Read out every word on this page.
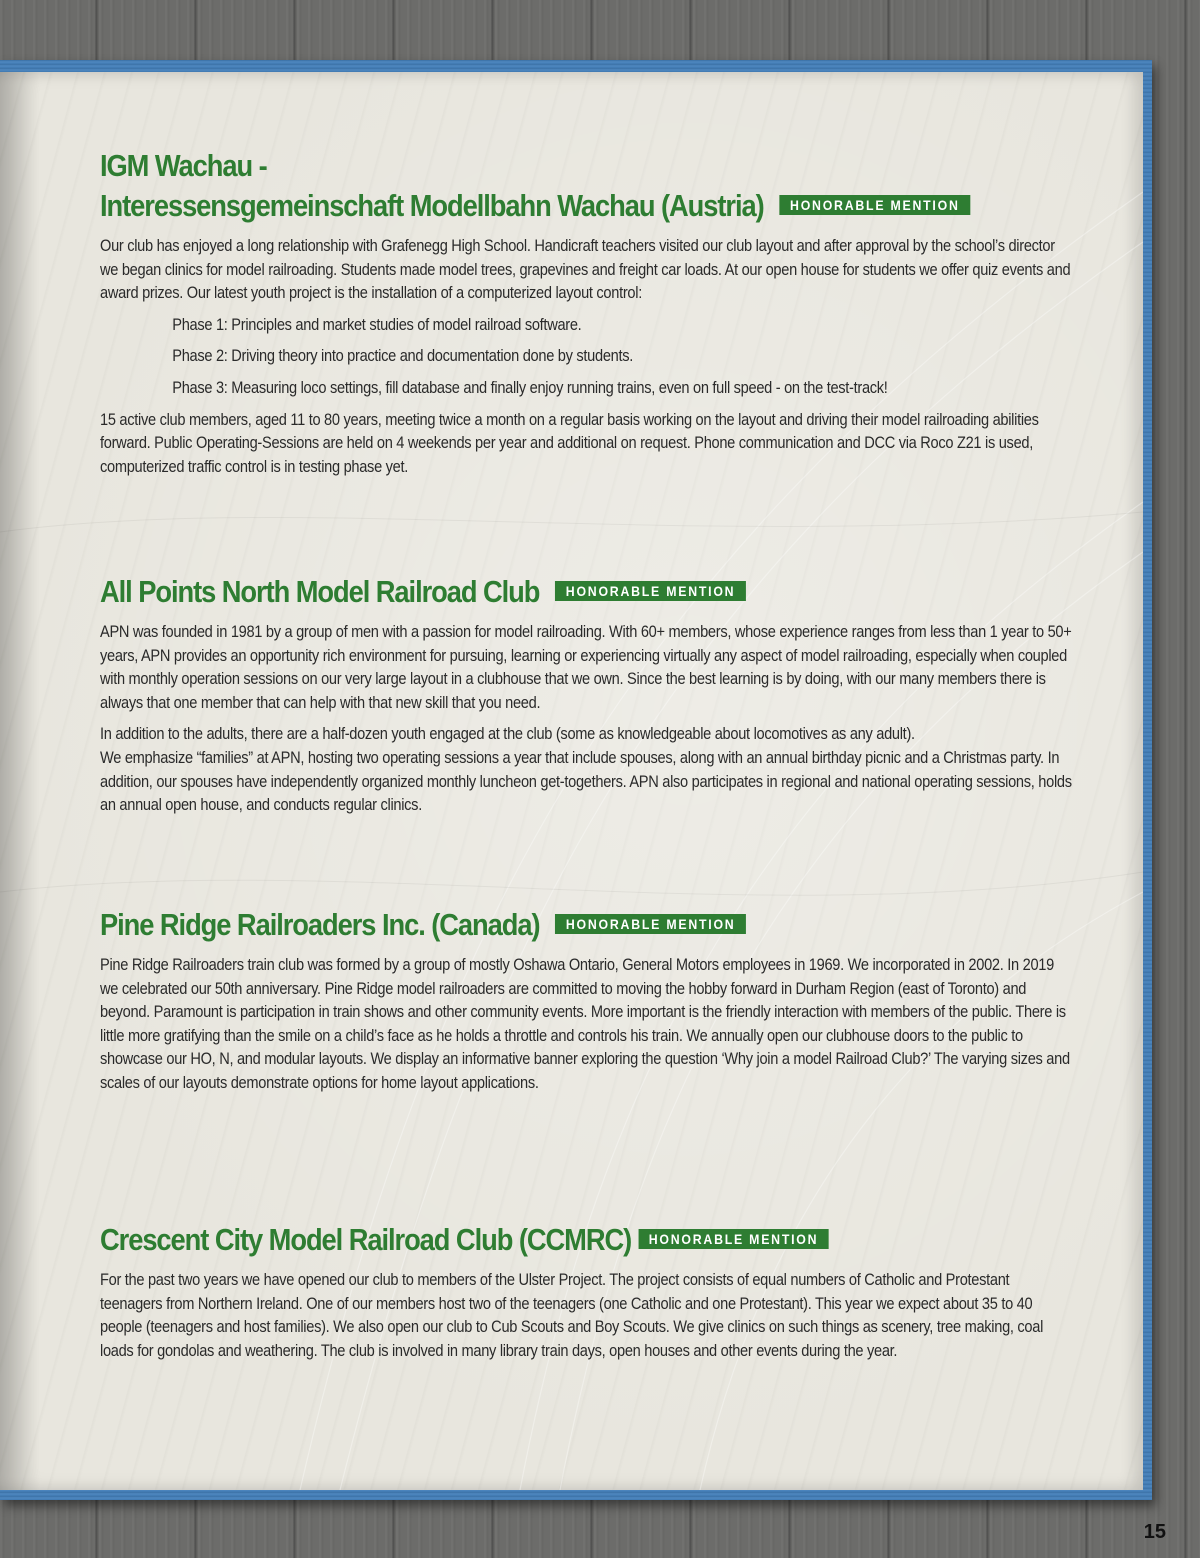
IGM Wachau -
Interessensgemeinschaft Modellbahn Wachau (Austria) HONORABLE MENTION

Our club has enjoyed a long relationship with Grafenegg High School. Handicraft teachers visited our club layout and after approval by the school’s director we began clinics for model railroading. Students made model trees, grapevines and freight car loads. At our open house for students we offer quiz events and award prizes. Our latest youth project is the installation of a computerized layout control:

Phase 1: Principles and market studies of model railroad software.

Phase 2: Driving theory into practice and documentation done by students.

Phase 3: Measuring loco settings, fill database and finally enjoy running trains, even on full speed - on the test-track!

15 active club members, aged 11 to 80 years, meeting twice a month on a regular basis working on the layout and driving their model railroading abilities forward. Public Operating-Sessions are held on 4 weekends per year and additional on request. Phone communication and DCC via Roco Z21 is used, computerized traffic control is in testing phase yet.

All Points North Model Railroad Club HONORABLE MENTION

APN was founded in 1981 by a group of men with a passion for model railroading. With 60+ members, whose experience ranges from less than 1 year to 50+ years, APN provides an opportunity rich environment for pursuing, learning or experiencing virtually any aspect of model railroading, especially when coupled with monthly operation sessions on our very large layout in a clubhouse that we own. Since the best learning is by doing, with our many members there is always that one member that can help with that new skill that you need.

In addition to the adults, there are a half-dozen youth engaged at the club (some as knowledgeable about locomotives as any adult).

We emphasize “families” at APN, hosting two operating sessions a year that include spouses, along with an annual birthday picnic and a Christmas party. In addition, our spouses have independently organized monthly luncheon get-togethers. APN also participates in regional and national operating sessions, holds an annual open house, and conducts regular clinics.

Pine Ridge Railroaders Inc. (Canada) HONORABLE MENTION

Pine Ridge Railroaders train club was formed by a group of mostly Oshawa Ontario, General Motors employees in 1969. We incorporated in 2002. In 2019 we celebrated our 50th anniversary. Pine Ridge model railroaders are committed to moving the hobby forward in Durham Region (east of Toronto) and beyond. Paramount is participation in train shows and other community events. More important is the friendly interaction with members of the public. There is little more gratifying than the smile on a child’s face as he holds a throttle and controls his train. We annually open our clubhouse doors to the public to showcase our HO, N, and modular layouts. We display an informative banner exploring the question ‘Why join a model Railroad Club?’ The varying sizes and scales of our layouts demonstrate options for home layout applications.

Crescent City Model Railroad Club (CCMRC) HONORABLE MENTION

For the past two years we have opened our club to members of the Ulster Project. The project consists of equal numbers of Catholic and Protestant teenagers from Northern Ireland. One of our members host two of the teenagers (one Catholic and one Protestant). This year we expect about 35 to 40 people (teenagers and host families). We also open our club to Cub Scouts and Boy Scouts. We give clinics on such things as scenery, tree making, coal loads for gondolas and weathering. The club is involved in many library train days, open houses and other events during the year.

15
